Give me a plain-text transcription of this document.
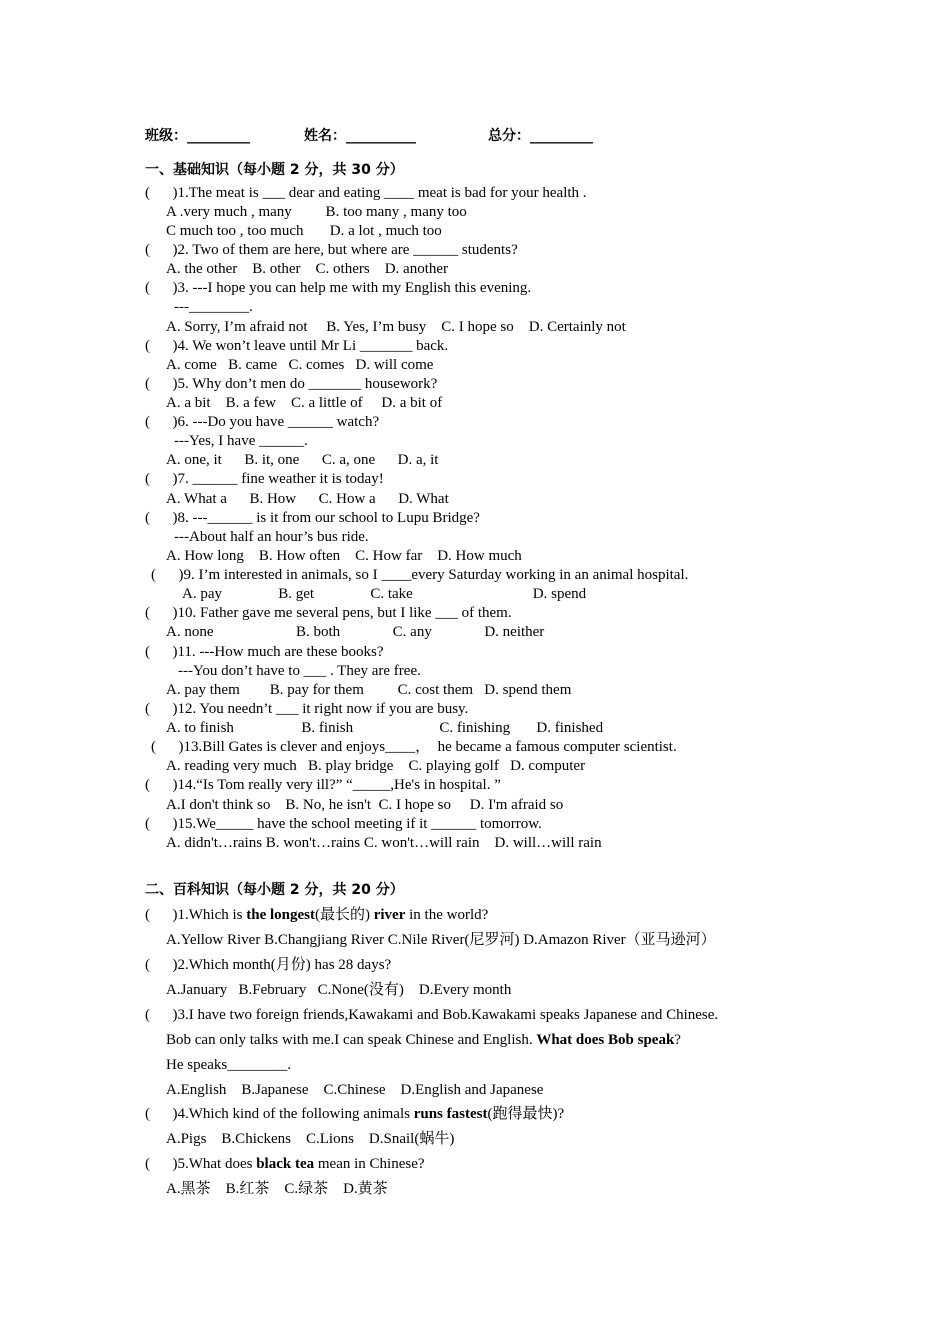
班级：_________	姓名：__________	总分：_________
一、基础知识（每小题 2 分，共 30 分）
(      )1.The meat is ___ dear and eating ____ meat is bad for your health .
A .very much , many         B. too many , many too
C much too , too much       D. a lot , much too
(      )2. Two of them are here, but where are ______ students?
A. the other    B. other    C. others    D. another
(      )3. ---I hope you can help me with my English this evening.
---________.
A. Sorry, I’m afraid not     B. Yes, I’m busy    C. I hope so    D. Certainly not
(      )4. We won’t leave until Mr Li _______ back.
A. come   B. came   C. comes   D. will come
(      )5. Why don’t men do _______ housework?
A. a bit    B. a few    C. a little of     D. a bit of
(      )6. ---Do you have ______ watch?
---Yes, I have ______.
A. one, it      B. it, one      C. a, one      D. a, it
(      )7. ______ fine weather it is today!
A. What a      B. How      C. How a      D. What
(      )8. ---______ is it from our school to Lupu Bridge?
---About half an hour’s bus ride.
A. How long    B. How often    C. How far    D. How much
(      )9. I’m interested in animals, so I ____every Saturday working in an animal hospital.
A. pay               B. get               C. take                                D. spend
(      )10. Father gave me several pens, but I like ___ of them.
A. none                      B. both              C. any              D. neither
(      )11. ---How much are these books?
---You don’t have to ___ . They are free.
A. pay them        B. pay for them         C. cost them   D. spend them
(      )12. You needn’t ___ it right now if you are busy.
A. to finish                  B. finish                       C. finishing       D. finished
(      )13.Bill Gates is clever and enjoys____，  he became a famous computer scientist.
A. reading very much   B. play bridge    C. playing golf   D. computer
(      )14.“Is Tom really very ill?” “_____,He's in hospital. ”
A.I don't think so    B. No, he isn't  C. I hope so     D. I'm afraid so
(      )15.We_____ have the school meeting if it ______ tomorrow.
A. didn't…rains B. won't…rains C. won't…will rain    D. will…will rain
二、百科知识（每小题 2 分，共 20 分）
(      )1.Which is the longest(最长的) river in the world?
A.Yellow River B.Changjiang River C.Nile River(尼罗河) D.Amazon River（亚马逊河）
(      )2.Which month(月份) has 28 days?
A.January   B.February   C.None(没有)    D.Every month
(      )3.I have two foreign friends,Kawakami and Bob.Kawakami speaks Japanese and Chinese.
Bob can only talks with me.I can speak Chinese and English. What does Bob speak?
He speaks________.
A.English    B.Japanese    C.Chinese    D.English and Japanese
(      )4.Which kind of the following animals runs fastest(跑得最快)?
A.Pigs    B.Chickens    C.Lions    D.Snail(蜗牛)
(      )5.What does black tea mean in Chinese?
A.黑茶    B.红茶    C.绿茶    D.黄茶
